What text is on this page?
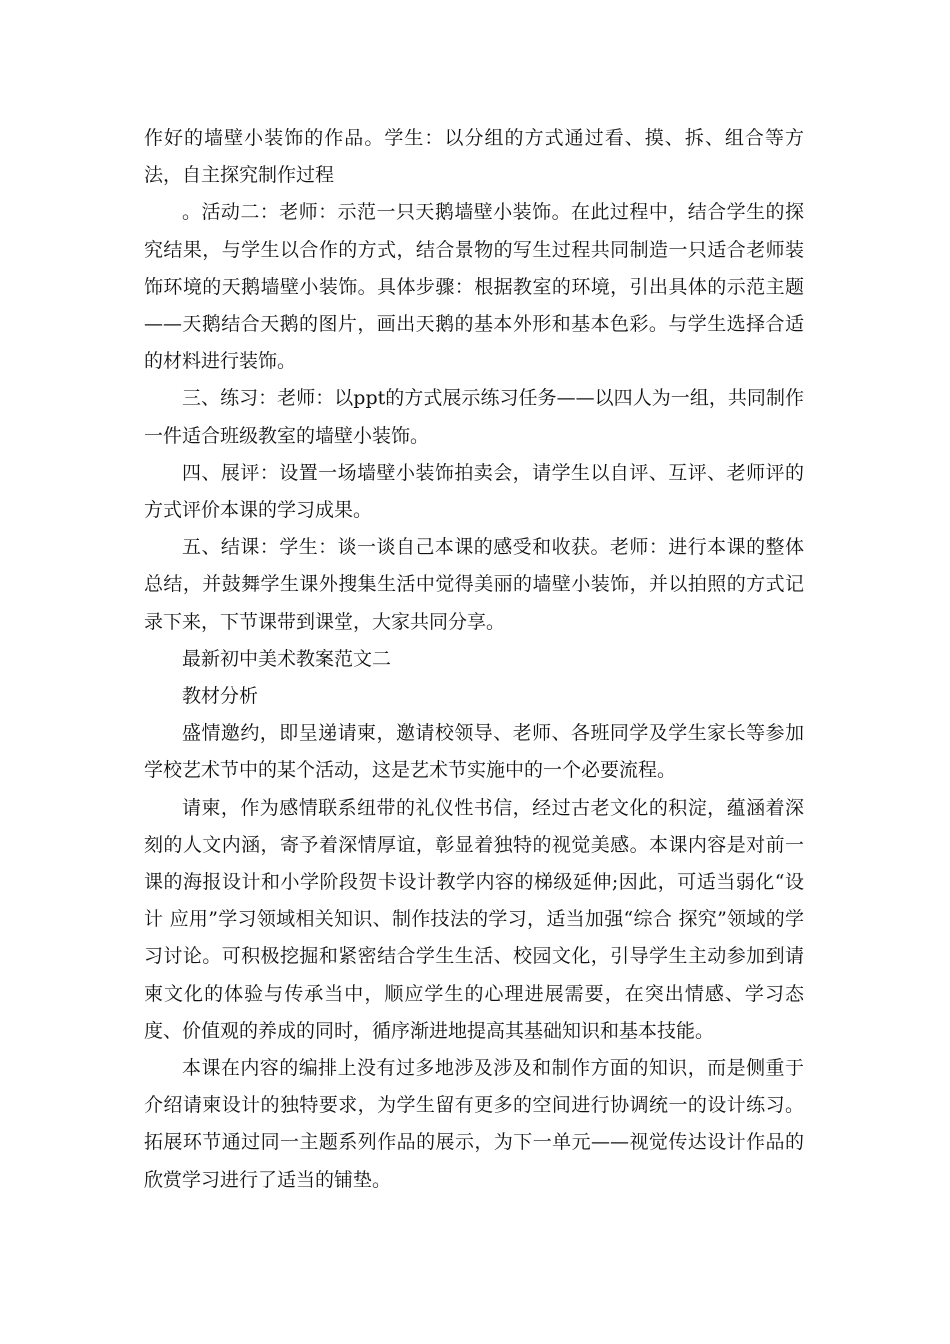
作好的墙壁小装饰的作品。学生：以分组的方式通过看、摸、拆、组合等方法，自主探究制作过程

。活动二：老师：示范一只天鹅墙壁小装饰。在此过程中，结合学生的探究结果，与学生以合作的方式，结合景物的写生过程共同制造一只适合老师装饰环境的天鹅墙壁小装饰。具体步骤：根据教室的环境，引出具体的示范主题——天鹅结合天鹅的图片，画出天鹅的基本外形和基本色彩。与学生选择合适的材料进行装饰。

三、练习：老师：以ppt的方式展示练习任务——以四人为一组，共同制作一件适合班级教室的墙壁小装饰。

四、展评：设置一场墙壁小装饰拍卖会，请学生以自评、互评、老师评的方式评价本课的学习成果。

五、结课：学生：谈一谈自己本课的感受和收获。老师：进行本课的整体总结，并鼓舞学生课外搜集生活中觉得美丽的墙壁小装饰，并以拍照的方式记录下来，下节课带到课堂，大家共同分享。

最新初中美术教案范文二

教材分析

盛情邀约，即呈递请柬，邀请校领导、老师、各班同学及学生家长等参加学校艺术节中的某个活动，这是艺术节实施中的一个必要流程。

请柬，作为感情联系纽带的礼仪性书信，经过古老文化的积淀，蕴涵着深刻的人文内涵，寄予着深情厚谊，彰显着独特的视觉美感。本课内容是对前一课的海报设计和小学阶段贺卡设计教学内容的梯级延伸;因此，可适当弱化“设计 应用”学习领域相关知识、制作技法的学习，适当加强“综合 探究”领域的学习讨论。可积极挖掘和紧密结合学生生活、校园文化，引导学生主动参加到请柬文化的体验与传承当中，顺应学生的心理进展需要，在突出情感、学习态度、价值观的养成的同时，循序渐进地提高其基础知识和基本技能。

本课在内容的编排上没有过多地涉及涉及和制作方面的知识，而是侧重于介绍请柬设计的独特要求，为学生留有更多的空间进行协调统一的设计练习。拓展环节通过同一主题系列作品的展示，为下一单元——视觉传达设计作品的欣赏学习进行了适当的铺垫。
